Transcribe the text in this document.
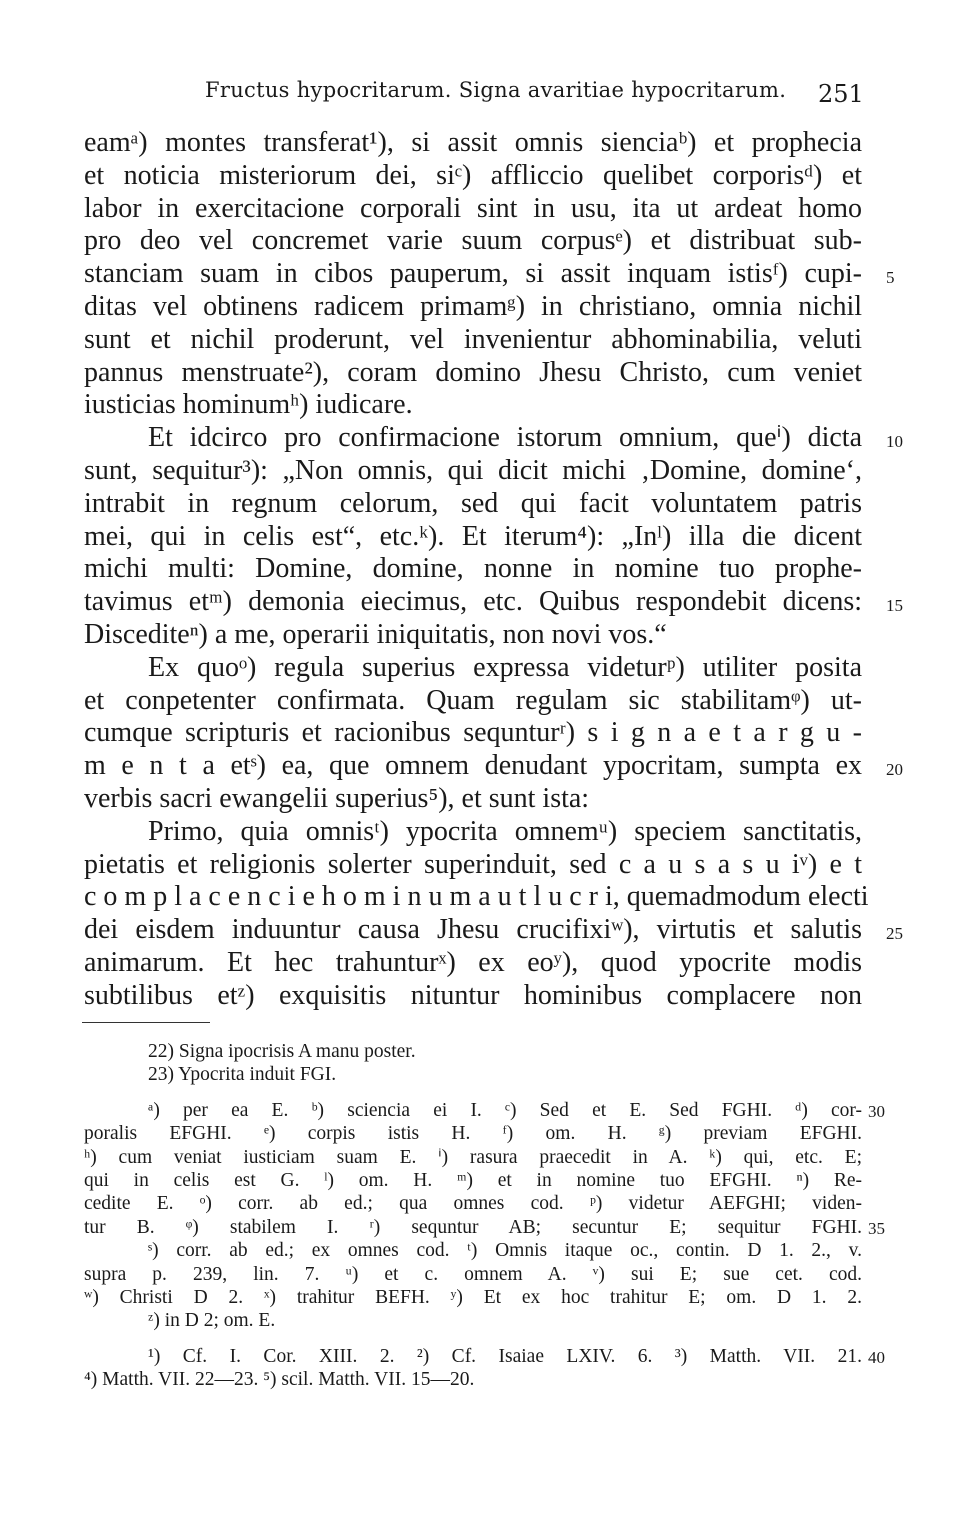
Fructus hypocritarum. Signa avaritiae hypocritarum. 251
eamᵃ) montes transferat¹), si assit omnis sienciaᵇ) et prophecia
et noticia misteriorum dei, siᶜ) affliccio quelibet corporisᵈ) et
labor in exercitacione corporali sint in usu, ita ut ardeat homo
pro deo vel concremet varie suum corpusᵉ) et distribuat sub-
stanciam suam in cibos pauperum, si assit inquam istisᶠ) cupi- 5
ditas vel obtinens radicem primamᵍ) in christiano, omnia nichil
sunt et nichil proderunt, vel invenientur abhominabilia, veluti
pannus menstruate²), coram domino Jhesu Christo, cum veniet
iusticias hominumʰ) iudicare.
Et idcirco pro confirmacione istorum omnium, queⁱ) dicta 10
sunt, sequitur³): „Non omnis, qui dicit michi ‚Domine, domine‘,
intrabit in regnum celorum, sed qui facit voluntatem patris
mei, qui in celis est“, etc.ᵏ). Et iterum⁴): „Inˡ) illa die dicent
michi multi: Domine, domine, nonne in nomine tuo prophe-
tavimus etᵐ) demonia eiecimus, etc. Quibus respondebit dicens: 15
Disceditеⁿ) a me, operarii iniquitatis, non novi vos.“
Ex quoᵒ) regula superius expressa videturᵖ) utiliter posita
et conpetenter confirmata. Quam regulam sic stabilitamᵠ) ut-
cumque scripturis et racionibus sequnturʳ) s i g n a e t a r g u -
m e n t a etˢ) ea, que omnem denudant ypocritam, sumpta ex 20
verbis sacri ewangelii superius⁵), et sunt ista:
Primo, quia omnisᵗ) ypocrita omnemᵘ) speciem sanctitatis,
pietatis et religionis solerter superinduit, sed c a u s a s u iᵛ) e t
c o m p l a c e n c i e h o m i n u m a u t l u c r i, quemadmodum electi
dei eisdem induuntur causa Jhesu crucifixiʷ), virtutis et salutis 25
animarum. Et hec trahunturˣ) ex eoʸ), quod ypocrite modis
subtilibus etᶻ) exquisitis nituntur hominibus complacere non
22) Signa ipocrisis A manu poster.
23) Ypocrita induit FGI.
ᵃ) per ea E. ᵇ) sciencia ei I. ᶜ) Sed et E. Sed FGHI. ᵈ) cor- 30
poralis EFGHI. ᵉ) corpis istis H. ᶠ) om. H. ᵍ) previam EFGHI.
ʰ) cum veniat iusticiam suam E. ⁱ) rasura praecedit in A. ᵏ) qui, etc. E;
qui in celis est G. ˡ) om. H. ᵐ) et in nomine tuo EFGHI. ⁿ) Re-
cedite E. ᵒ) corr. ab ed.; qua omnes cod. ᵖ) videtur AEFGHI; viden-
tur B. ᵠ) stabilem I. ʳ) sequntur AB; secuntur E; sequitur FGHI. 35
ˢ) corr. ab ed.; ex omnes cod. ᵗ) Omnis itaque oc., contin. D 1. 2., v.
supra p. 239, lin. 7. ᵘ) et c. omnem A. ᵛ) sui E; sue cet. cod.
ʷ) Christi D 2. ˣ) trahitur BEFH. ʸ) Et ex hoc trahitur E; om. D 1. 2.
ᶻ) in D 2; om. E.
¹) Cf. I. Cor. XIII. 2. ²) Cf. Isaiae LXIV. 6. ³) Matth. VII. 21. 40
⁴) Matth. VII. 22—23. ⁵) scil. Matth. VII. 15—20.
